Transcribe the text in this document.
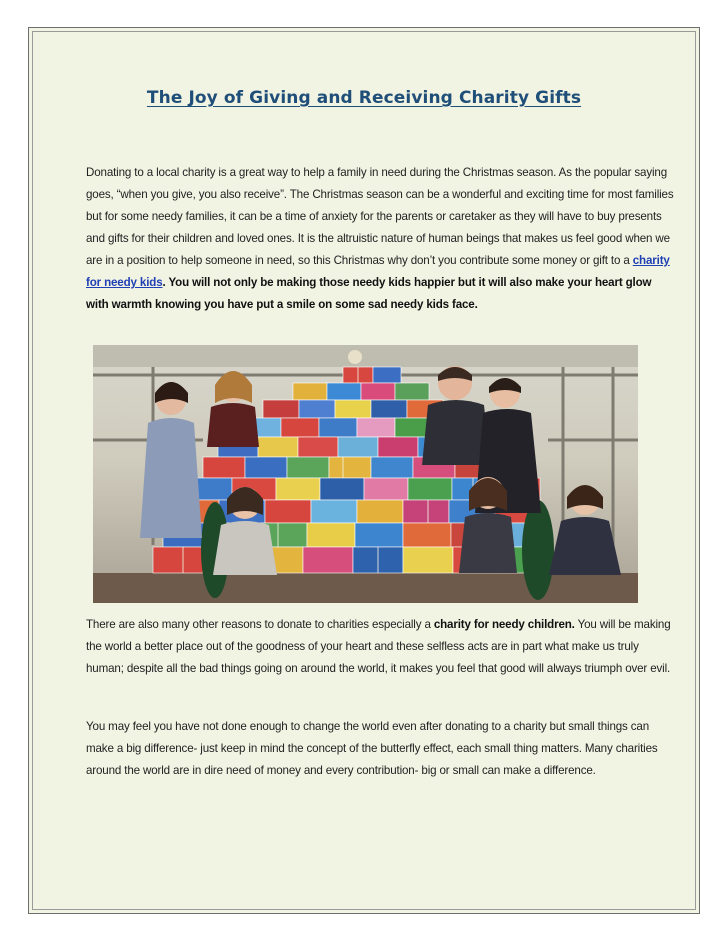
The Joy of Giving and Receiving Charity Gifts

Donating to a local charity is a great way to help a family in need during the Christmas season. As the popular saying goes, “when you give, you also receive”. The Christmas season can be a wonderful and exciting time for most families but for some needy families, it can be a time of anxiety for the parents or caretaker as they will have to buy presents and gifts for their children and loved ones. It is the altruistic nature of human beings that makes us feel good when we are in a position to help someone in need, so this Christmas why don’t you contribute some money or gift to a charity for needy kids. You will not only be making those needy kids happier but it will also make your heart glow with warmth knowing you have put a smile on some sad needy kids face.

There are also many other reasons to donate to charities especially a charity for needy children. You will be making the world a better place out of the goodness of your heart and these selfless acts are in part what make us truly human; despite all the bad things going on around the world, it makes you feel that good will always triumph over evil.

You may feel you have not done enough to change the world even after donating to a charity but small things can make a big difference- just keep in mind the concept of the butterfly effect, each small thing matters. Many charities around the world are in dire need of money and every contribution- big or small can make a difference.
